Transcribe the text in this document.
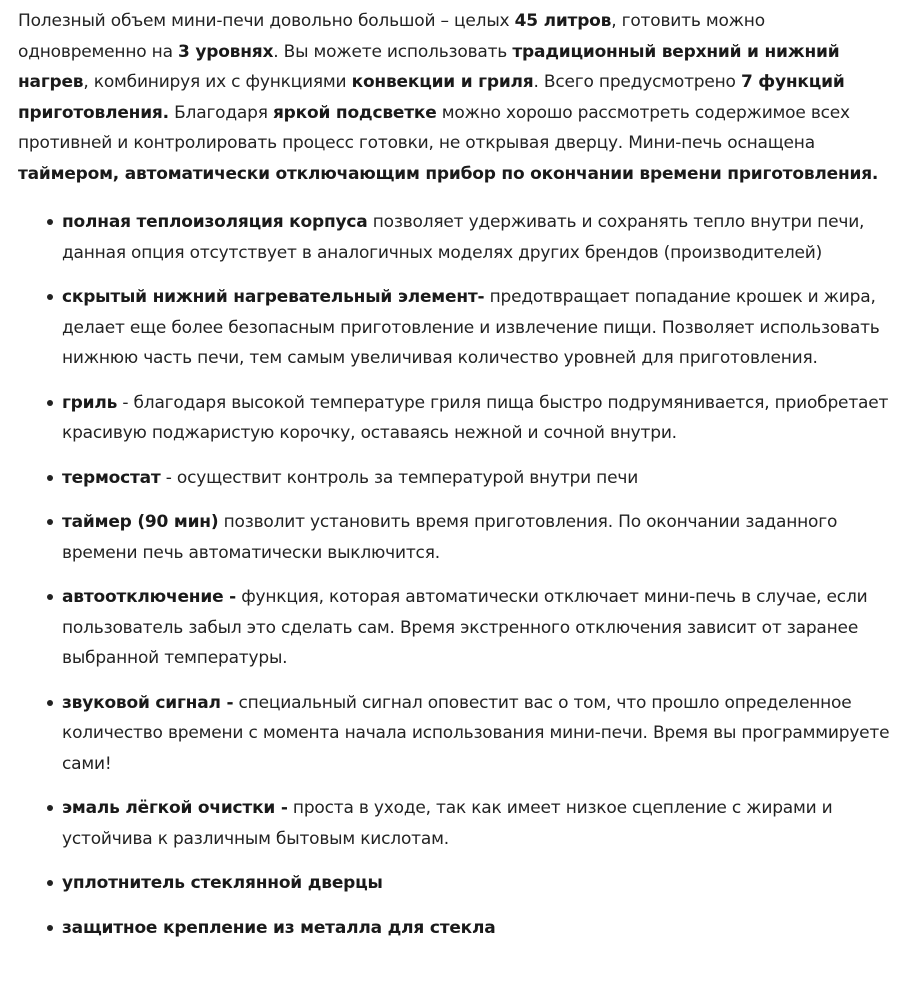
Полезный объем мини-печи довольно большой – целых 45 литров, готовить можно одновременно на 3 уровнях. Вы можете использовать традиционный верхний и нижний нагрев, комбинируя их с функциями конвекции и гриля. Всего предусмотрено 7 функций приготовления. Благодаря яркой подсветке можно хорошо рассмотреть содержимое всех противней и контролировать процесс готовки, не открывая дверцу. Мини-печь оснащена таймером, автоматически отключающим прибор по окончании времени приготовления.

полная теплоизоляция корпуса позволяет удерживать и сохранять тепло внутри печи, данная опция отсутствует в аналогичных моделях других брендов (производителей)
скрытый нижний нагревательный элемент- предотвращает попадание крошек и жира, делает еще более безопасным приготовление и извлечение пищи. Позволяет использовать нижнюю часть печи, тем самым увеличивая количество уровней для приготовления.
гриль - благодаря высокой температуре гриля пища быстро подрумянивается, приобретает красивую поджаристую корочку, оставаясь нежной и сочной внутри.
термостат - осуществит контроль за температурой внутри печи
таймер (90 мин) позволит установить время приготовления. По окончании заданного времени печь автоматически выключится.
автоотключение - функция, которая автоматически отключает мини-печь в случае, если пользователь забыл это сделать сам. Время экстренного отключения зависит от заранее выбранной температуры.
звуковой сигнал - специальный сигнал оповестит вас о том, что прошло определенное количество времени с момента начала использования мини-печи. Время вы программируете сами!
эмаль лёгкой очистки - проста в уходе, так как имеет низкое сцепление с жирами и устойчива к различным бытовым кислотам.
уплотнитель стеклянной дверцы
защитное крепление из металла для стекла
